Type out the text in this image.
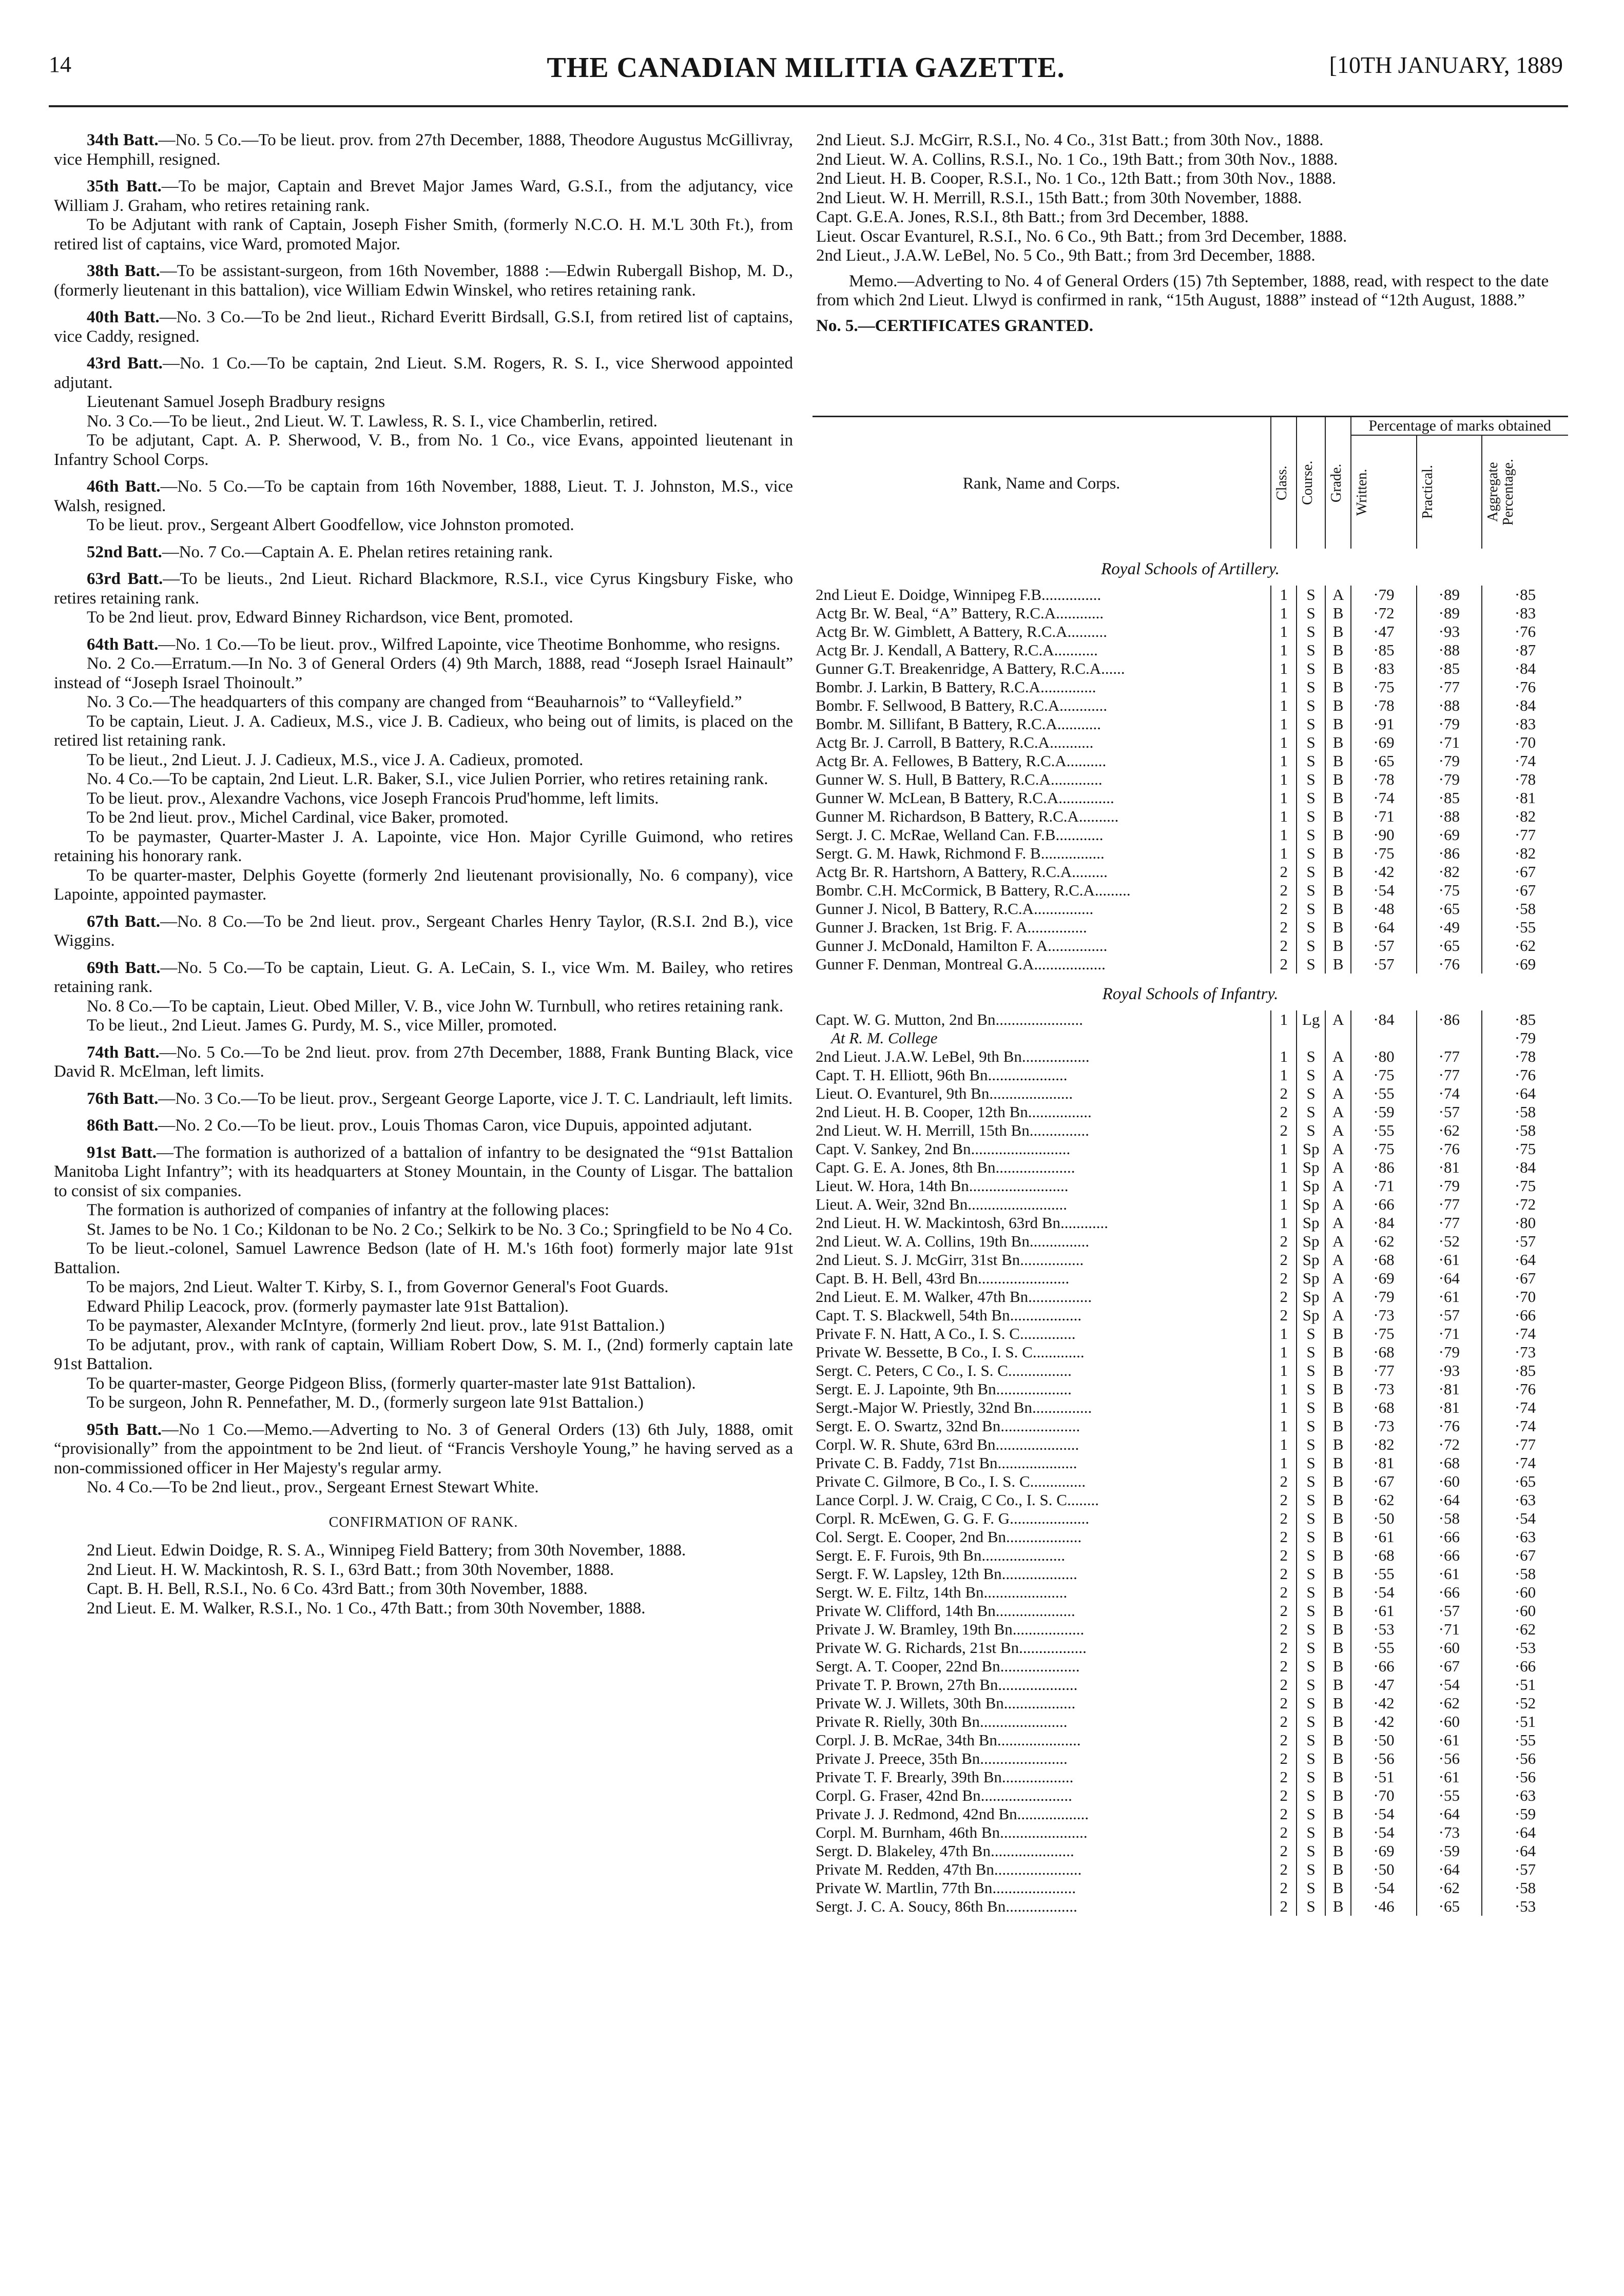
14	THE CANADIAN MILITIA GAZETTE.	[10TH JANUARY, 1889

34th Batt.—No. 5 Co.—To be lieut. prov. from 27th December, 1888, Theodore Augustus McGillivray, vice Hemphill, resigned.

35th Batt.—To be major, Captain and Brevet Major James Ward, G.S.I., from the adjutancy, vice William J. Graham, who retires retaining rank.

To be Adjutant with rank of Captain, Joseph Fisher Smith, (formerly N.C.O. H. M.'L 30th Ft.), from retired list of captains, vice Ward, promoted Major.

38th Batt.—To be assistant-surgeon, from 16th November, 1888 :—Edwin Rubergall Bishop, M. D., (formerly lieutenant in this battalion), vice William Edwin Winskel, who retires retaining rank.

40th Batt.—No. 3 Co.—To be 2nd lieut., Richard Everitt Birdsall, G.S.I, from retired list of captains, vice Caddy, resigned.

43rd Batt.—No. 1 Co.—To be captain, 2nd Lieut. S.M. Rogers, R. S. I., vice Sherwood appointed adjutant.

Lieutenant Samuel Joseph Bradbury resigns

No. 3 Co.—To be lieut., 2nd Lieut. W. T. Lawless, R. S. I., vice Chamberlin, retired.

To be adjutant, Capt. A. P. Sherwood, V. B., from No. 1 Co., vice Evans, appointed lieutenant in Infantry School Corps.

46th Batt.—No. 5 Co.—To be captain from 16th November, 1888, Lieut. T. J. Johnston, M.S., vice Walsh, resigned.

To be lieut. prov., Sergeant Albert Goodfellow, vice Johnston promoted.

52nd Batt.—No. 7 Co.—Captain A. E. Phelan retires retaining rank.

63rd Batt.—To be lieuts., 2nd Lieut. Richard Blackmore, R.S.I., vice Cyrus Kingsbury Fiske, who retires retaining rank.

To be 2nd lieut. prov, Edward Binney Richardson, vice Bent, promoted.

64th Batt.—No. 1 Co.—To be lieut. prov., Wilfred Lapointe, vice Theotime Bonhomme, who resigns.

No. 2 Co.—Erratum.—In No. 3 of General Orders (4) 9th March, 1888, read “Joseph Israel Hainault” instead of “Joseph Israel Thoinoult.”

No. 3 Co.—The headquarters of this company are changed from “Beauharnois” to “Valleyfield.”

To be captain, Lieut. J. A. Cadieux, M.S., vice J. B. Cadieux, who being out of limits, is placed on the retired list retaining rank.

To be lieut., 2nd Lieut. J. J. Cadieux, M.S., vice J. A. Cadieux, promoted.

No. 4 Co.—To be captain, 2nd Lieut. L.R. Baker, S.I., vice Julien Porrier, who retires retaining rank.

To be lieut. prov., Alexandre Vachons, vice Joseph Francois Prud'homme, left limits.

To be 2nd lieut. prov., Michel Cardinal, vice Baker, promoted.

To be paymaster, Quarter-Master J. A. Lapointe, vice Hon. Major Cyrille Guimond, who retires retaining his honorary rank.

To be quarter-master, Delphis Goyette (formerly 2nd lieutenant provisionally, No. 6 company), vice Lapointe, appointed paymaster.

67th Batt.—No. 8 Co.—To be 2nd lieut. prov., Sergeant Charles Henry Taylor, (R.S.I. 2nd B.), vice Wiggins.

69th Batt.—No. 5 Co.—To be captain, Lieut. G. A. LeCain, S. I., vice Wm. M. Bailey, who retires retaining rank.

No. 8 Co.—To be captain, Lieut. Obed Miller, V. B., vice John W. Turnbull, who retires retaining rank.

To be lieut., 2nd Lieut. James G. Purdy, M. S., vice Miller, promoted.

74th Batt.—No. 5 Co.—To be 2nd lieut. prov. from 27th December, 1888, Frank Bunting Black, vice David R. McElman, left limits.

76th Batt.—No. 3 Co.—To be lieut. prov., Sergeant George Laporte, vice J. T. C. Landriault, left limits.

86th Batt.—No. 2 Co.—To be lieut. prov., Louis Thomas Caron, vice Dupuis, appointed adjutant.

91st Batt.—The formation is authorized of a battalion of infantry to be designated the “91st Battalion Manitoba Light Infantry”; with its headquarters at Stoney Mountain, in the County of Lisgar. The battalion to consist of six companies.

The formation is authorized of companies of infantry at the following places:

St. James to be No. 1 Co.; Kildonan to be No. 2 Co.; Selkirk to be No. 3 Co.; Springfield to be No 4 Co.

To be lieut.-colonel, Samuel Lawrence Bedson (late of H. M.'s 16th foot) formerly major late 91st Battalion.

To be majors, 2nd Lieut. Walter T. Kirby, S. I., from Governor General's Foot Guards.

Edward Philip Leacock, prov. (formerly paymaster late 91st Battalion).

To be paymaster, Alexander McIntyre, (formerly 2nd lieut. prov., late 91st Battalion.)

To be adjutant, prov., with rank of captain, William Robert Dow, S. M. I., (2nd) formerly captain late 91st Battalion.

To be quarter-master, George Pidgeon Bliss, (formerly quarter-master late 91st Battalion).

To be surgeon, John R. Pennefather, M. D., (formerly surgeon late 91st Battalion.)

95th Batt.—No 1 Co.—Memo.—Adverting to No. 3 of General Orders (13) 6th July, 1888, omit “provisionally” from the appointment to be 2nd lieut. of “Francis Vershoyle Young,” he having served as a non-commissioned officer in Her Majesty's regular army.

No. 4 Co.—To be 2nd lieut., prov., Sergeant Ernest Stewart White.

CONFIRMATION OF RANK.

2nd Lieut. Edwin Doidge, R. S. A., Winnipeg Field Battery; from 30th November, 1888.

2nd Lieut. H. W. Mackintosh, R. S. I., 63rd Batt.; from 30th November, 1888.

Capt. B. H. Bell, R.S.I., No. 6 Co. 43rd Batt.; from 30th November, 1888.

2nd Lieut. E. M. Walker, R.S.I., No. 1 Co., 47th Batt.; from 30th November, 1888.

2nd Lieut. S.J. McGirr, R.S.I., No. 4 Co., 31st Batt.; from 30th Nov., 1888.

2nd Lieut. W. A. Collins, R.S.I., No. 1 Co., 19th Batt.; from 30th Nov., 1888.

2nd Lieut. H. B. Cooper, R.S.I., No. 1 Co., 12th Batt.; from 30th Nov., 1888.

2nd Lieut. W. H. Merrill, R.S.I., 15th Batt.; from 30th November, 1888.

Capt. G.E.A. Jones, R.S.I., 8th Batt.; from 3rd December, 1888.

Lieut. Oscar Evanturel, R.S.I., No. 6 Co., 9th Batt.; from 3rd December, 1888.

2nd Lieut., J.A.W. LeBel, No. 5 Co., 9th Batt.; from 3rd December, 1888.

Memo.—Adverting to No. 4 of General Orders (15) 7th September, 1888, read, with respect to the date from which 2nd Lieut. Llwyd is confirmed in rank, “15th August, 1888” instead of “12th August, 1888.”

No. 5.—CERTIFICATES GRANTED.

Rank, Name and Corps.	Class.	Course.	Grade.	Percentage of marks obtained		

				Written.	Practical.	Aggregate Percentage.

Royal Schools of Artillery.						
2nd Lieut E. Doidge, Winnipeg F.B...............	1	S	A	·79	·89	·85
Actg Br. W. Beal, “A” Battery, R.C.A............	1	S	B	·72	·89	·83
Actg Br. W. Gimblett, A Battery, R.C.A..........	1	S	B	·47	·93	·76
Actg Br. J. Kendall, A Battery, R.C.A...........	1	S	B	·85	·88	·87
Gunner G.T. Breakenridge, A Battery, R.C.A......	1	S	B	·83	·85	·84
Bombr. J. Larkin, B Battery, R.C.A..............	1	S	B	·75	·77	·76
Bombr. F. Sellwood, B Battery, R.C.A............	1	S	B	·78	·88	·84
Bombr. M. Sillifant, B Battery, R.C.A...........	1	S	B	·91	·79	·83
Actg Br. J. Carroll, B Battery, R.C.A...........	1	S	B	·69	·71	·70
Actg Br. A. Fellowes, B Battery, R.C.A..........	1	S	B	·65	·79	·74
Gunner W. S. Hull, B Battery, R.C.A.............	1	S	B	·78	·79	·78
Gunner W. McLean, B Battery, R.C.A..............	1	S	B	·74	·85	·81
Gunner M. Richardson, B Battery, R.C.A..........	1	S	B	·71	·88	·82
Sergt. J. C. McRae, Welland Can. F.B............	1	S	B	·90	·69	·77
Sergt. G. M. Hawk, Richmond F. B................	1	S	B	·75	·86	·82
Actg Br. R. Hartshorn, A Battery, R.C.A.........	2	S	B	·42	·82	·67
Bombr. C.H. McCormick, B Battery, R.C.A.........	2	S	B	·54	·75	·67
Gunner J. Nicol, B Battery, R.C.A...............	2	S	B	·48	·65	·58
Gunner J. Bracken, 1st Brig. F. A...............	2	S	B	·64	·49	·55
Gunner J. McDonald, Hamilton F. A...............	2	S	B	·57	·65	·62
Gunner F. Denman, Montreal G.A..................	2	S	B	·57	·76	·69
Royal Schools of Infantry.						
Capt. W. G. Mutton, 2nd Bn......................	1	Lg	A	·84	·86	·85
At R. M. College						·79
2nd Lieut. J.A.W. LeBel, 9th Bn.................	1	S	A	·80	·77	·78
Capt. T. H. Elliott, 96th Bn....................	1	S	A	·75	·77	·76
Lieut. O. Evanturel, 9th Bn.....................	2	S	A	·55	·74	·64
2nd Lieut. H. B. Cooper, 12th Bn................	2	S	A	·59	·57	·58
2nd Lieut. W. H. Merrill, 15th Bn...............	2	S	A	·55	·62	·58
Capt. V. Sankey, 2nd Bn.........................	1	Sp	A	·75	·76	·75
Capt. G. E. A. Jones, 8th Bn....................	1	Sp	A	·86	·81	·84
Lieut. W. Hora, 14th Bn.........................	1	Sp	A	·71	·79	·75
Lieut. A. Weir, 32nd Bn.........................	1	Sp	A	·66	·77	·72
2nd Lieut. H. W. Mackintosh, 63rd Bn............	1	Sp	A	·84	·77	·80
2nd Lieut. W. A. Collins, 19th Bn...............	2	Sp	A	·62	·52	·57
2nd Lieut. S. J. McGirr, 31st Bn................	2	Sp	A	·68	·61	·64
Capt. B. H. Bell, 43rd Bn.......................	2	Sp	A	·69	·64	·67
2nd Lieut. E. M. Walker, 47th Bn................	2	Sp	A	·79	·61	·70
Capt. T. S. Blackwell, 54th Bn..................	2	Sp	A	·73	·57	·66
Private F. N. Hatt, A Co., I. S. C..............	1	S	B	·75	·71	·74
Private W. Bessette, B Co., I. S. C.............	1	S	B	·68	·79	·73
Sergt. C. Peters, C Co., I. S. C................	1	S	B	·77	·93	·85
Sergt. E. J. Lapointe, 9th Bn...................	1	S	B	·73	·81	·76
Sergt.-Major W. Priestly, 32nd Bn...............	1	S	B	·68	·81	·74
Sergt. E. O. Swartz, 32nd Bn....................	1	S	B	·73	·76	·74
Corpl. W. R. Shute, 63rd Bn.....................	1	S	B	·82	·72	·77
Private C. B. Faddy, 71st Bn....................	1	S	B	·81	·68	·74
Private C. Gilmore, B Co., I. S. C..............	2	S	B	·67	·60	·65
Lance Corpl. J. W. Craig, C Co., I. S. C........	2	S	B	·62	·64	·63
Corpl. R. McEwen, G. G. F. G....................	2	S	B	·50	·58	·54
Col. Sergt. E. Cooper, 2nd Bn...................	2	S	B	·61	·66	·63
Sergt. E. F. Furois, 9th Bn.....................	2	S	B	·68	·66	·67
Sergt. F. W. Lapsley, 12th Bn...................	2	S	B	·55	·61	·58
Sergt. W. E. Filtz, 14th Bn.....................	2	S	B	·54	·66	·60
Private W. Clifford, 14th Bn....................	2	S	B	·61	·57	·60
Private J. W. Bramley, 19th Bn..................	2	S	B	·53	·71	·62
Private W. G. Richards, 21st Bn.................	2	S	B	·55	·60	·53
Sergt. A. T. Cooper, 22nd Bn....................	2	S	B	·66	·67	·66
Private T. P. Brown, 27th Bn....................	2	S	B	·47	·54	·51
Private W. J. Willets, 30th Bn..................	2	S	B	·42	·62	·52
Private R. Rielly, 30th Bn......................	2	S	B	·42	·60	·51
Corpl. J. B. McRae, 34th Bn.....................	2	S	B	·50	·61	·55
Private J. Preece, 35th Bn......................	2	S	B	·56	·56	·56
Private T. F. Brearly, 39th Bn..................	2	S	B	·51	·61	·56
Corpl. G. Fraser, 42nd Bn.......................	2	S	B	·70	·55	·63
Private J. J. Redmond, 42nd Bn..................	2	S	B	·54	·64	·59
Corpl. M. Burnham, 46th Bn......................	2	S	B	·54	·73	·64
Sergt. D. Blakeley, 47th Bn.....................	2	S	B	·69	·59	·64
Private M. Redden, 47th Bn......................	2	S	B	·50	·64	·57
Private W. Martlin, 77th Bn.....................	2	S	B	·54	·62	·58
Sergt. J. C. A. Soucy, 86th Bn..................	2	S	B	·46	·65	·53
